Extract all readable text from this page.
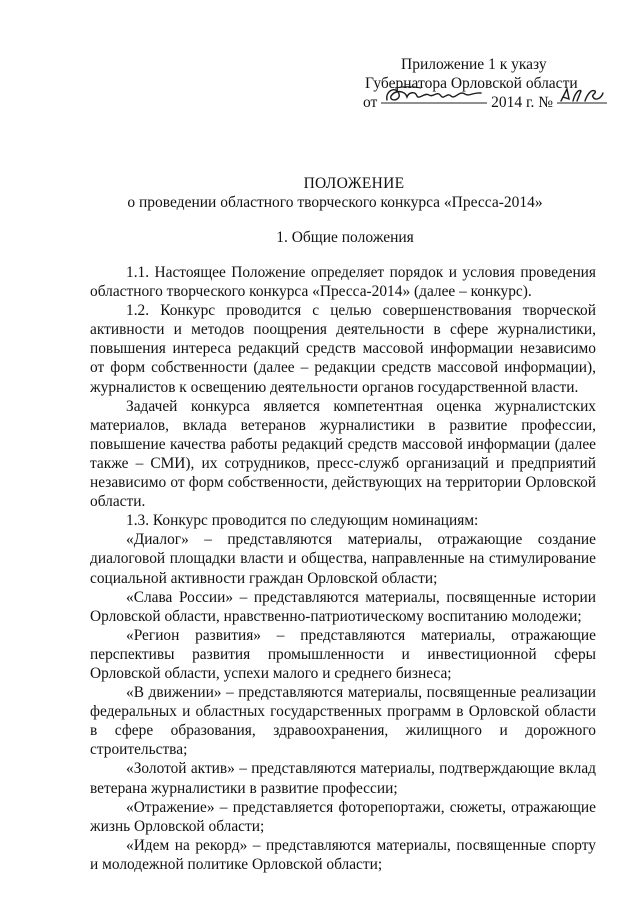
Приложение 1 к указу
Губернатора Орловской области
от	2014 г. №
ПОЛОЖЕНИЕ
о проведении областного творческого конкурса «Пресса-2014»
1. Общие положения

1.1. Настоящее Положение определяет порядок и условия проведения областного творческого конкурса «Пресса-2014» (далее – конкурс).

1.2. Конкурс проводится с целью совершенствования творческой активности и методов поощрения деятельности в сфере журналистики, повышения интереса редакций средств массовой информации независимо от форм собственности (далее – редакции средств массовой информации), журналистов к освещению деятельности органов государственной власти.

Задачей конкурса является компетентная оценка журналистских материалов, вклада ветеранов журналистики в развитие профессии, повышение качества работы редакций средств массовой информации (далее также – СМИ), их сотрудников, пресс-служб организаций и предприятий независимо от форм собственности, действующих на территории Орловской области.

1.3. Конкурс проводится по следующим номинациям:

«Диалог» – представляются материалы, отражающие создание диалоговой площадки власти и общества, направленные на стимулирование социальной активности граждан Орловской области;

«Слава России» – представляются материалы, посвященные истории Орловской области, нравственно-патриотическому воспитанию молодежи;

«Регион развития» – представляются материалы, отражающие перспективы развития промышленности и инвестиционной сферы Орловской области, успехи малого и среднего бизнеса;

«В движении» – представляются материалы, посвященные реализации федеральных и областных государственных программ в Орловской области в сфере образования, здравоохранения, жилищного и дорожного строительства;

«Золотой актив» – представляются материалы, подтверждающие вклад ветерана журналистики в развитие профессии;

«Отражение» – представляется фоторепортажи, сюжеты, отражающие жизнь Орловской области;

«Идем на рекорд» – представляются материалы, посвященные спорту и молодежной политике Орловской области;
